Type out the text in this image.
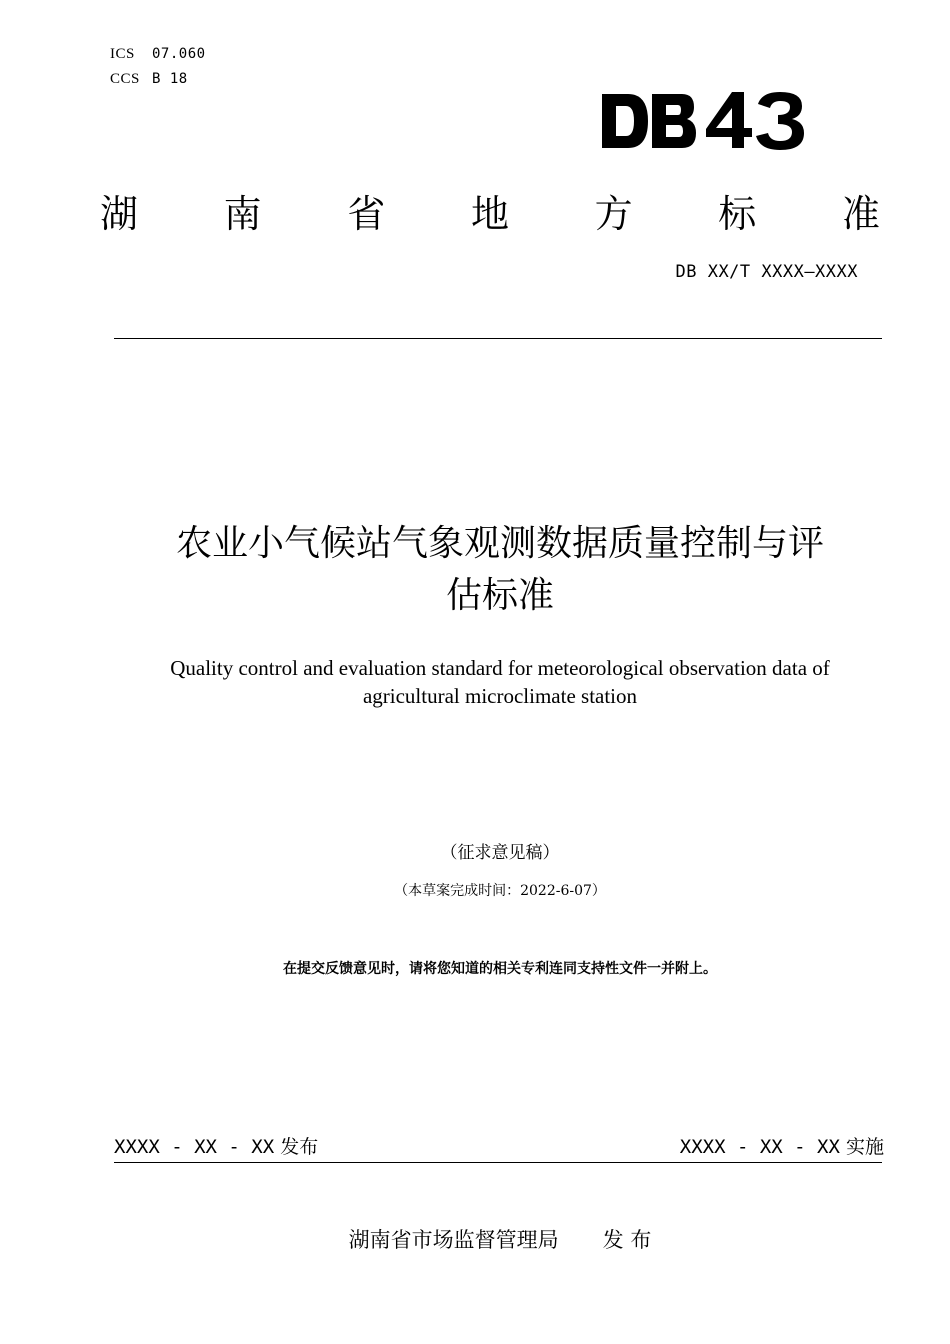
ICS 07.060
CCS B 18
湖 南 省 地 方 标 准
DB XX/T XXXX—XXXX
农业小气候站气象观测数据质量控制与评
估标准
Quality control and evaluation standard for meteorological observation data of
agricultural microclimate station
（征求意见稿）
（本草案完成时间：2022-6-07）
在提交反馈意见时，请将您知道的相关专利连同支持性文件一并附上。
XXXX - XX - XX 发布	XXXX - XX - XX 实施
湖南省市场监督管理局 发 布
